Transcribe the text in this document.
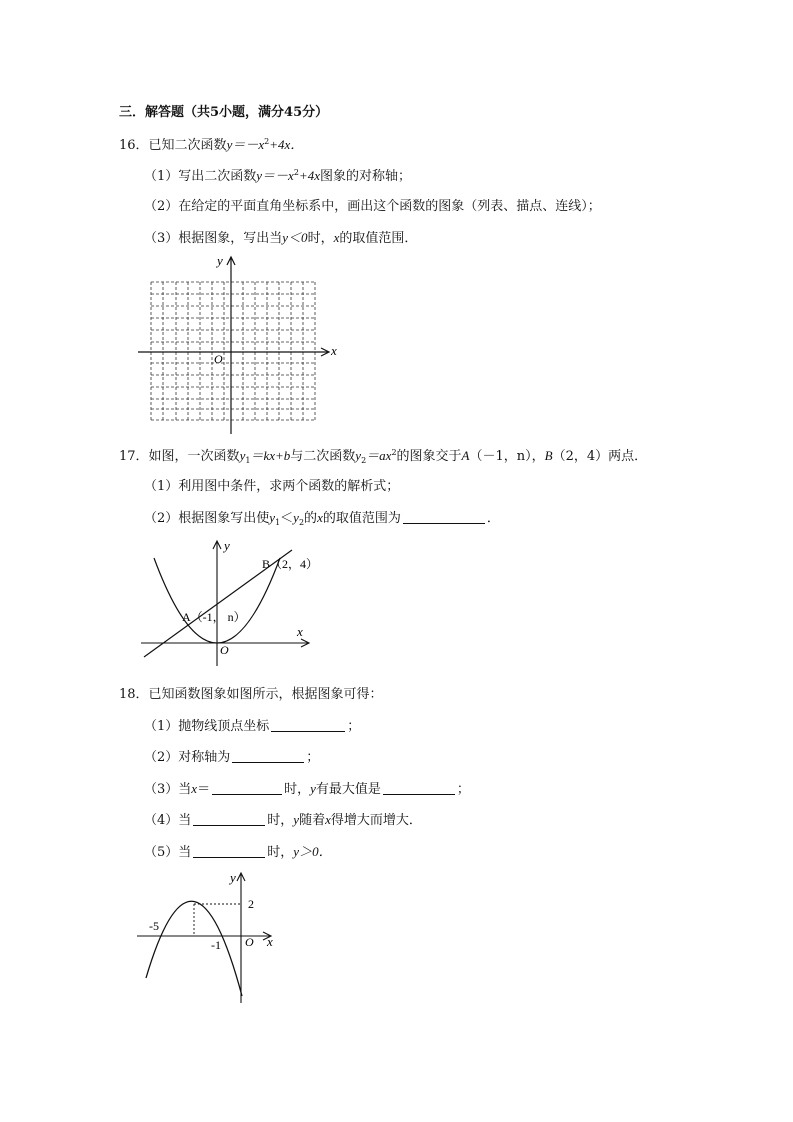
三．解答题（共5小题，满分45分）
16．已知二次函数$y=-x^2+4x$．
（1）写出二次函数$y=-x^2+4x$图象的对称轴；
（2）在给定的平面直角坐标系中，画出这个函数的图象（列表、描点、连线）；
（3）根据图象，写出当y＜0时，x的取值范围．
y
x
O
17．如图，一次函数$y_1=kx+b$与二次函数$y_2=ax^2$的图象交于A（－1，n），B（2，4）两点．
（1）利用图中条件，求两个函数的解析式；
（2）根据图象写出使$y_1<y_2$的x的取值范围为	．
y
x
O
B（2，4）
A（-1， n）
18．已知函数图象如图所示，根据图象可得：
（1）抛物线顶点坐标	；
（2）对称轴为	；
（3）当x＝	时，y有最大值是	；
（4）当	时，y随着x得增大而增大．
（5）当	时，y＞0．
y
x
O
-5
-1
2
